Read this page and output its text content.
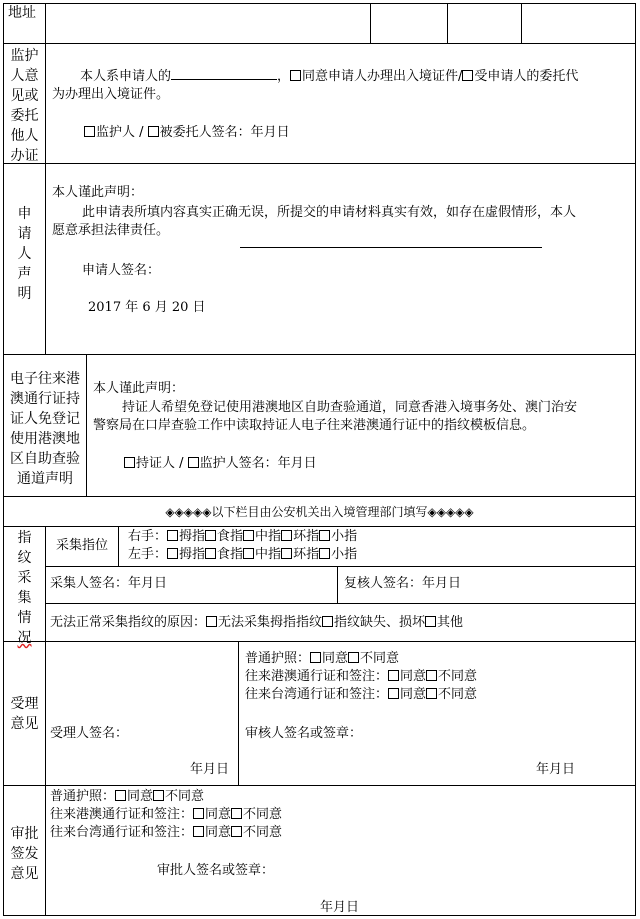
地址
监护
人意
见或
委托
他人
办证
本人系申请人的	， 同意申请人办理出入境证件/ 受申请人的委托代
为办理出入境证件。
监护人 / 被委托人签名：年月日
申
请
人
声
明
本人谨此声明：
此申请表所填内容真实正确无误，所提交的申请材料真实有效，如存在虚假情形，本人
愿意承担法律责任。
申请人签名：
2017 年 6 月 20 日
电子往来港
澳通行证持
证人免登记
使用港澳地
区自助查验
通道声明
本人谨此声明：
持证人希望免登记使用港澳地区自助查验通道，同意香港入境事务处、澳门治安
警察局在口岸查验工作中读取持证人电子往来港澳通行证中的指纹模板信息。
持证人 / 监护人签名：年月日
◈◈◈◈◈以下栏目由公安机关出入境管理部门填写◈◈◈◈◈
指
纹
采
集
情
况
采集指位
右手： 拇指 食指 中指 环指 小指
左手： 拇指 食指 中指 环指 小指
采集人签名：年月日	复核人签名：年月日
无法正常采集指纹的原因： 无法采集拇指指纹 指纹缺失、损坏 其他
受理
意见
普通护照： 同意 不同意
往来港澳通行证和签注： 同意 不同意
往来台湾通行证和签注： 同意 不同意
受理人签名：
年月日
审核人签名或签章：
年月日
审批
签发
意见
普通护照： 同意 不同意
往来港澳通行证和签注： 同意 不同意
往来台湾通行证和签注： 同意 不同意
审批人签名或签章：
年月日
